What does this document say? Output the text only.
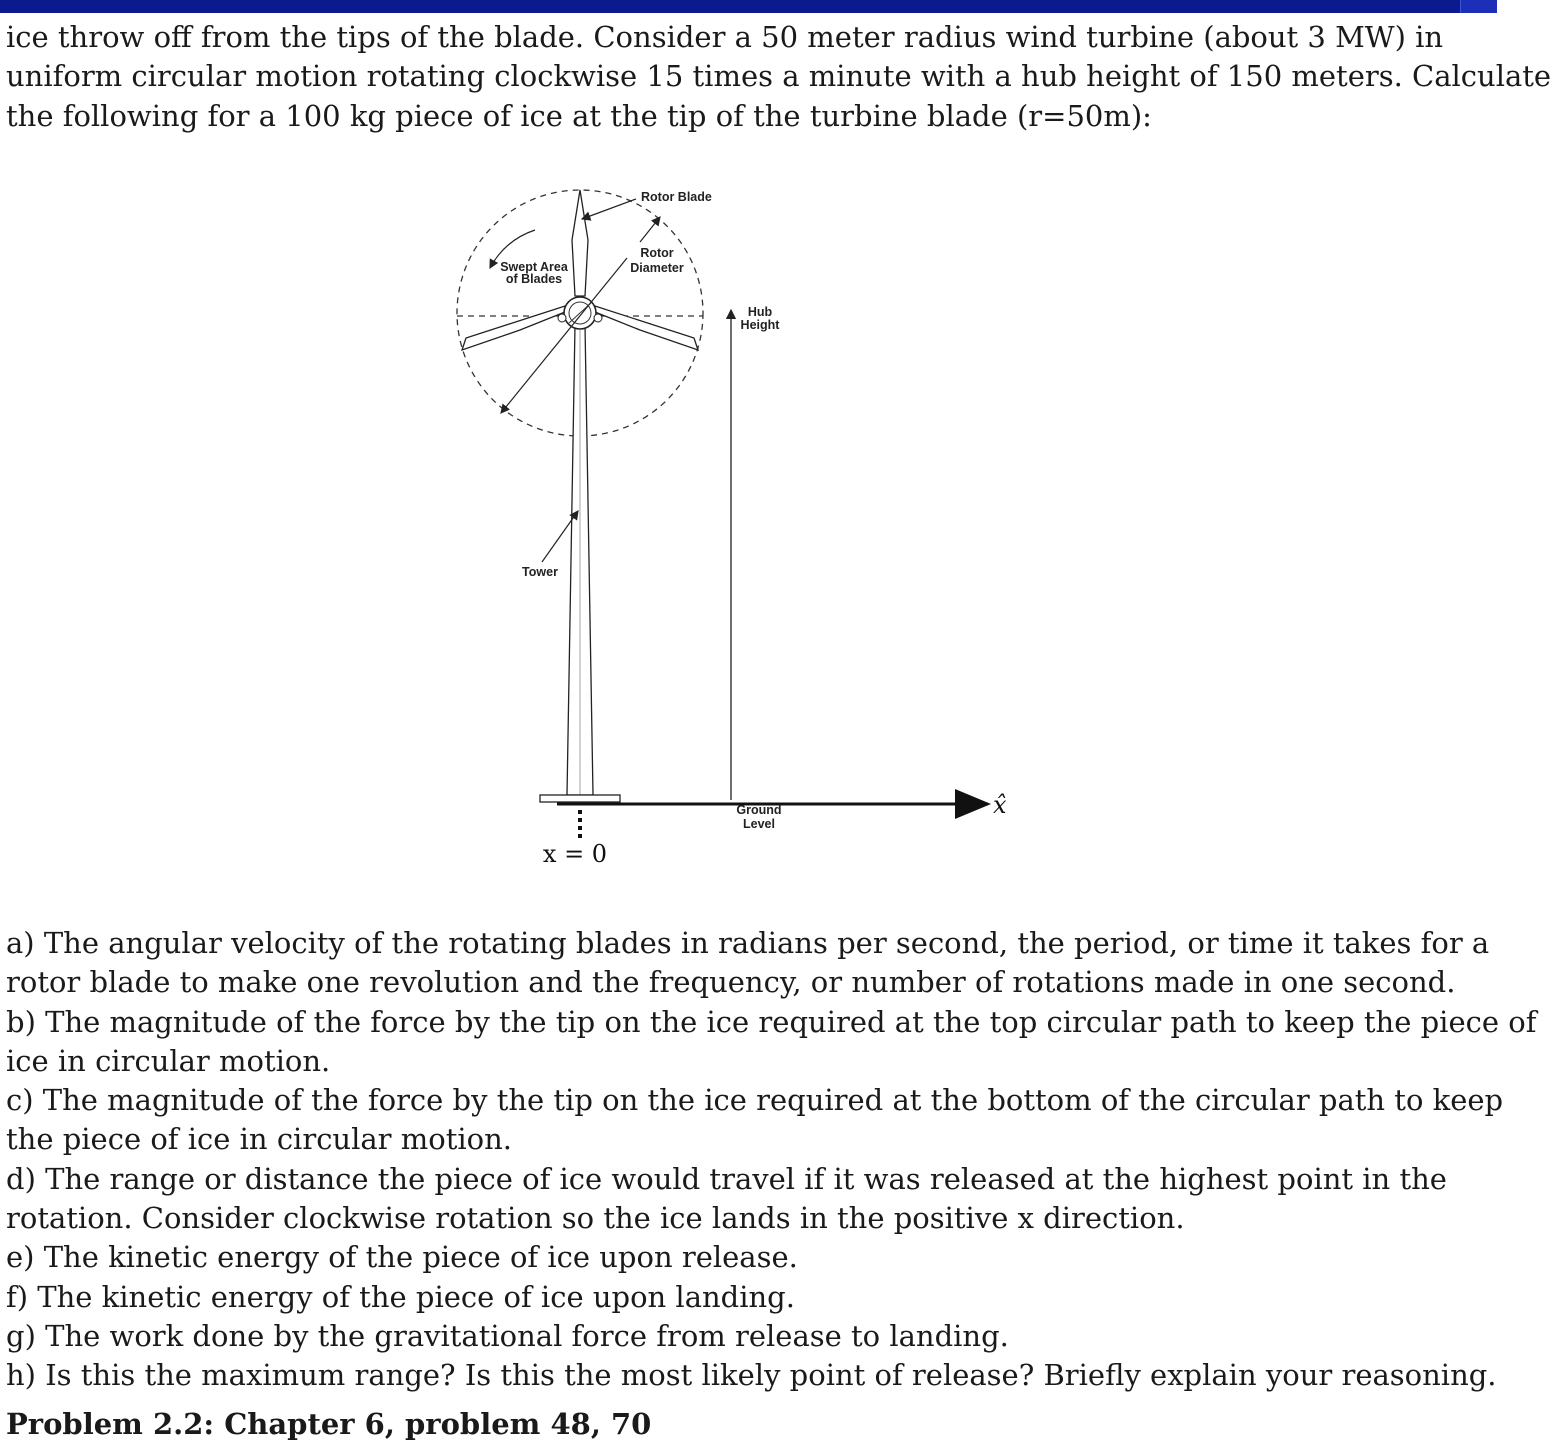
ice throw off from the tips of the blade. Consider a 50 meter radius wind turbine (about 3 MW) in
uniform circular motion rotating clockwise 15 times a minute with a hub height of 150 meters. Calculate
the following for a 100 kg piece of ice at the tip of the turbine blade (r=50m):

Rotor Blade
Rotor
Diameter
Swept Area
of Blades
Hub
Height
Tower
Ground
Level
x̂
x = 0
a) The angular velocity of the rotating blades in radians per second, the period, or time it takes for a
rotor blade to make one revolution and the frequency, or number of rotations made in one second.
b) The magnitude of the force by the tip on the ice required at the top circular path to keep the piece of
ice in circular motion.
c) The magnitude of the force by the tip on the ice required at the bottom of the circular path to keep
the piece of ice in circular motion.
d) The range or distance the piece of ice would travel if it was released at the highest point in the
rotation. Consider clockwise rotation so the ice lands in the positive x direction.
e) The kinetic energy of the piece of ice upon release.
f) The kinetic energy of the piece of ice upon landing.
g) The work done by the gravitational force from release to landing.
h) Is this the maximum range? Is this the most likely point of release? Briefly explain your reasoning.
Problem 2.2: Chapter 6, problem 48, 70
